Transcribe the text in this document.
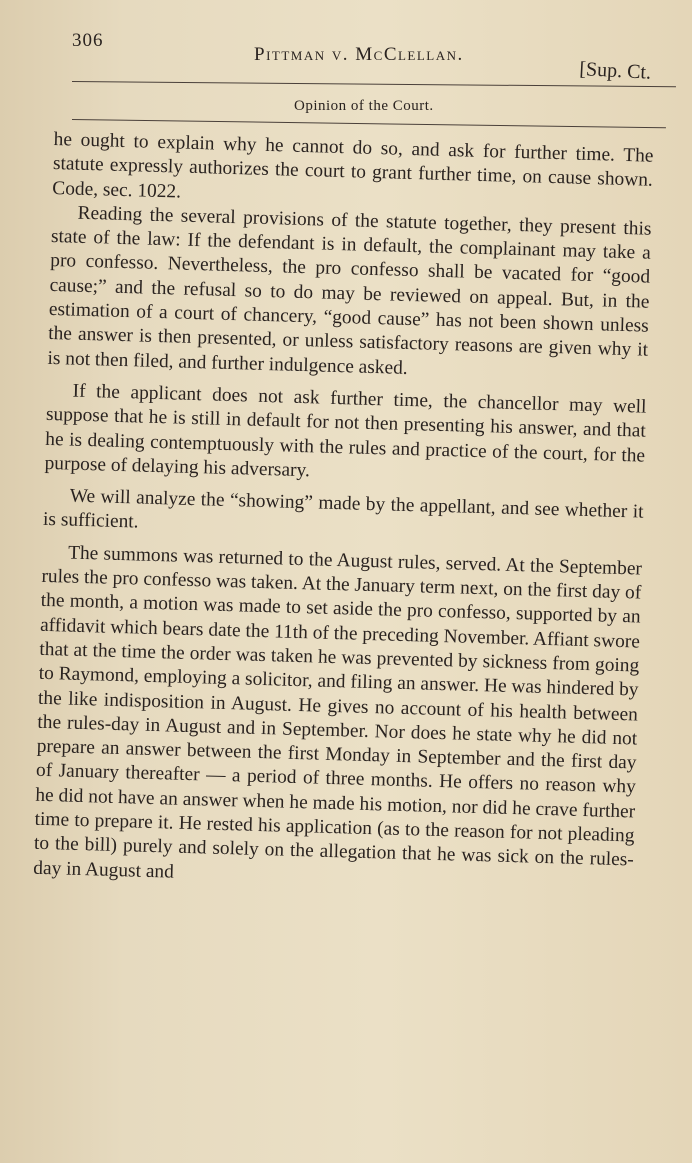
306
Pittman v. McClellan.
[Sup. Ct.
Opinion of the Court.

he ought to explain why he cannot do so, and ask for further time. The statute expressly authorizes the court to grant further time, on cause shown. Code, sec. 1022.

Reading the several provisions of the statute together, they present this state of the law: If the defendant is in default, the complainant may take a pro confesso. Nevertheless, the pro confesso shall be vacated for “good cause;” and the refusal so to do may be reviewed on appeal. But, in the estimation of a court of chancery, “good cause” has not been shown unless the answer is then presented, or unless satisfactory reasons are given why it is not then filed, and further indulgence asked.

If the applicant does not ask further time, the chancellor may well suppose that he is still in default for not then presenting his answer, and that he is dealing contemptuously with the rules and practice of the court, for the purpose of delaying his adversary.

We will analyze the “showing” made by the appellant, and see whether it is sufficient.

The summons was returned to the August rules, served. At the September rules the pro confesso was taken. At the January term next, on the first day of the month, a motion was made to set aside the pro confesso, supported by an affidavit which bears date the 11th of the preceding November. Affiant swore that at the time the order was taken he was prevented by sickness from going to Raymond, employing a solicitor, and filing an answer. He was hindered by the like indisposition in August. He gives no account of his health between the rules-day in August and in September. Nor does he state why he did not prepare an answer between the first Monday in September and the first day of January thereafter — a period of three months. He offers no reason why he did not have an answer when he made his motion, nor did he crave further time to prepare it. He rested his application (as to the reason for not pleading to the bill) purely and solely on the allegation that he was sick on the rules-day in August and
